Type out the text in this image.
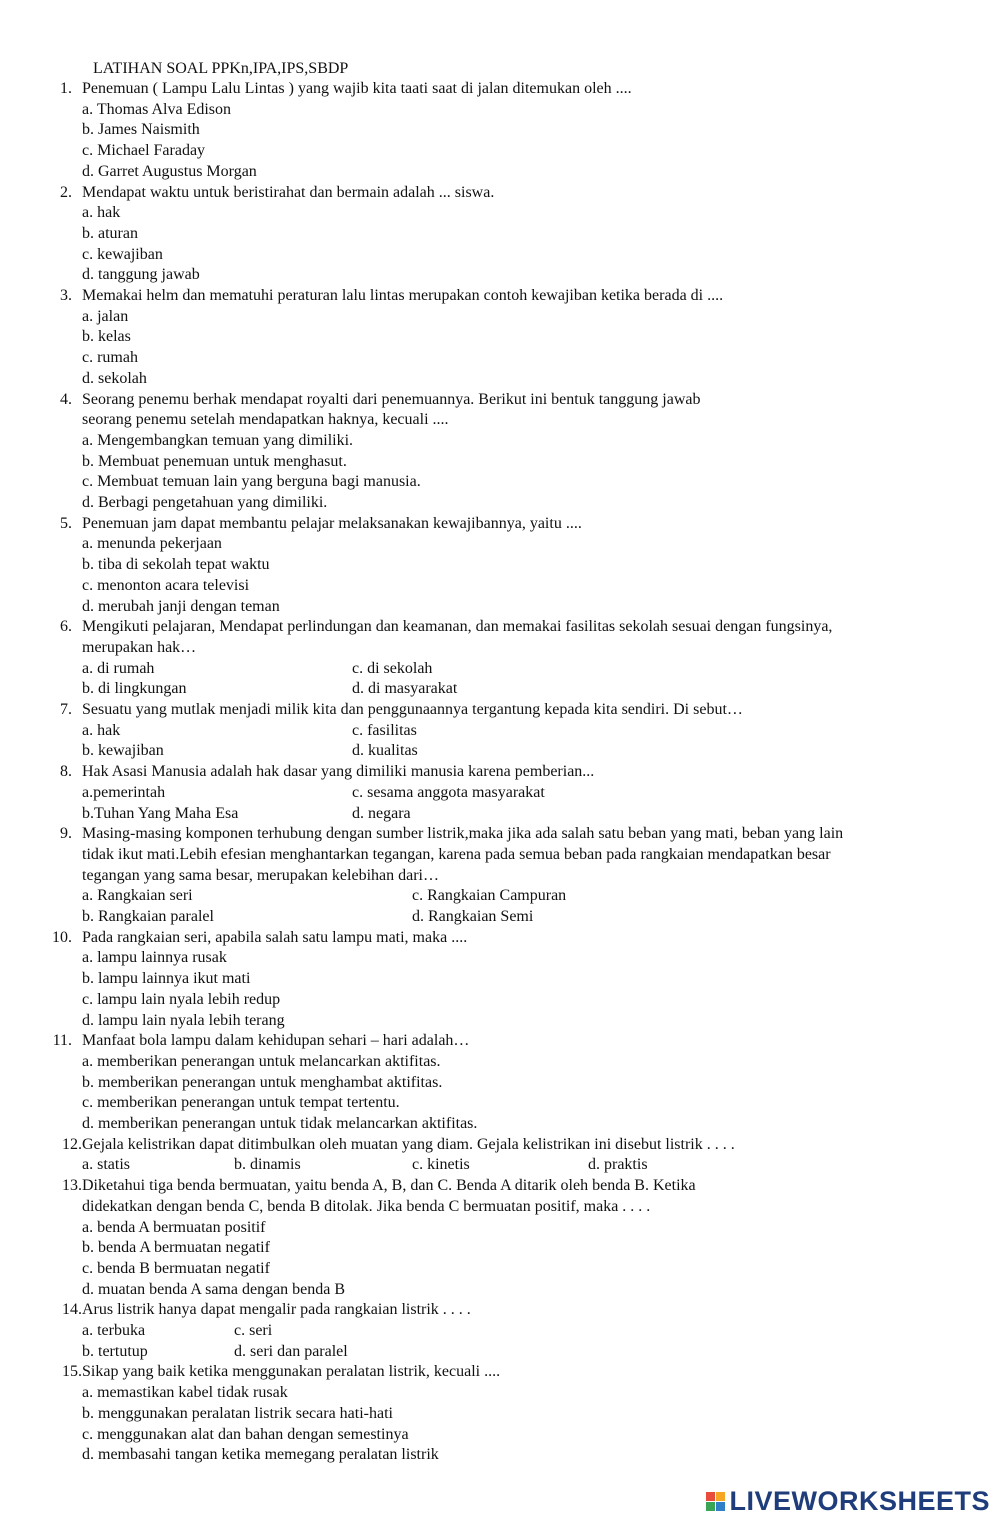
LATIHAN SOAL PPKn,IPA,IPS,SBDP
1. Penemuan ( Lampu Lalu Lintas ) yang wajib kita taati saat di jalan ditemukan oleh ....
a. Thomas Alva Edison
b. James Naismith
c. Michael Faraday
d. Garret Augustus Morgan
2. Mendapat waktu untuk beristirahat dan bermain adalah ... siswa.
a. hak
b. aturan
c. kewajiban
d. tanggung jawab
3. Memakai helm dan mematuhi peraturan lalu lintas merupakan contoh kewajiban ketika berada di ....
a. jalan
b. kelas
c. rumah
d. sekolah
4. Seorang penemu berhak mendapat royalti dari penemuannya. Berikut ini bentuk tanggung jawab
seorang penemu setelah mendapatkan haknya, kecuali ....
a. Mengembangkan temuan yang dimiliki.
b. Membuat penemuan untuk menghasut.
c. Membuat temuan lain yang berguna bagi manusia.
d. Berbagi pengetahuan yang dimiliki.
5. Penemuan jam dapat membantu pelajar melaksanakan kewajibannya, yaitu ....
a. menunda pekerjaan
b. tiba di sekolah tepat waktu
c. menonton acara televisi
d. merubah janji dengan teman
6. Mengikuti pelajaran, Mendapat perlindungan dan keamanan, dan memakai fasilitas sekolah sesuai dengan fungsinya,
merupakan hak…
a. di rumah	c. di sekolah
b. di lingkungan	d. di masyarakat
7. Sesuatu yang mutlak menjadi milik kita dan penggunaannya tergantung kepada kita sendiri. Di sebut…
a. hak	c. fasilitas
b. kewajiban	d. kualitas
8. Hak Asasi Manusia adalah hak dasar yang dimiliki manusia karena pemberian...
a.pemerintah	c. sesama anggota masyarakat
b.Tuhan Yang Maha Esa	d. negara
9. Masing-masing komponen terhubung dengan sumber listrik,maka jika ada salah satu beban yang mati, beban yang lain
tidak ikut mati.Lebih efesian menghantarkan tegangan, karena pada semua beban pada rangkaian mendapatkan besar
tegangan yang sama besar, merupakan kelebihan dari…
a. Rangkaian seri	c. Rangkaian Campuran
b. Rangkaian paralel	d. Rangkaian Semi
10. Pada rangkaian seri, apabila salah satu lampu mati, maka ....
a. lampu lainnya rusak
b. lampu lainnya ikut mati
c. lampu lain nyala lebih redup
d. lampu lain nyala lebih terang
11. Manfaat bola lampu dalam kehidupan sehari – hari adalah…
a. memberikan penerangan untuk melancarkan aktifitas.
b. memberikan penerangan untuk menghambat aktifitas.
c. memberikan penerangan untuk tempat tertentu.
d. memberikan penerangan untuk tidak melancarkan aktifitas.
12. Gejala kelistrikan dapat ditimbulkan oleh muatan yang diam. Gejala kelistrikan ini disebut listrik . . . .
a. statis	b. dinamis	c. kinetis	d. praktis
13. Diketahui tiga benda bermuatan, yaitu benda A, B, dan C. Benda A ditarik oleh benda B. Ketika
didekatkan dengan benda C, benda B ditolak. Jika benda C bermuatan positif, maka . . . .
a. benda A bermuatan positif
b. benda A bermuatan negatif
c. benda B bermuatan negatif
d. muatan benda A sama dengan benda B
14. Arus listrik hanya dapat mengalir pada rangkaian listrik . . . .
a. terbuka	c. seri
b. tertutup	d. seri dan paralel
15. Sikap yang baik ketika menggunakan peralatan listrik, kecuali ....
a. memastikan kabel tidak rusak
b. menggunakan peralatan listrik secara hati-hati
c. menggunakan alat dan bahan dengan semestinya
d. membasahi tangan ketika memegang peralatan listrik
LIVEWORKSHEETS
